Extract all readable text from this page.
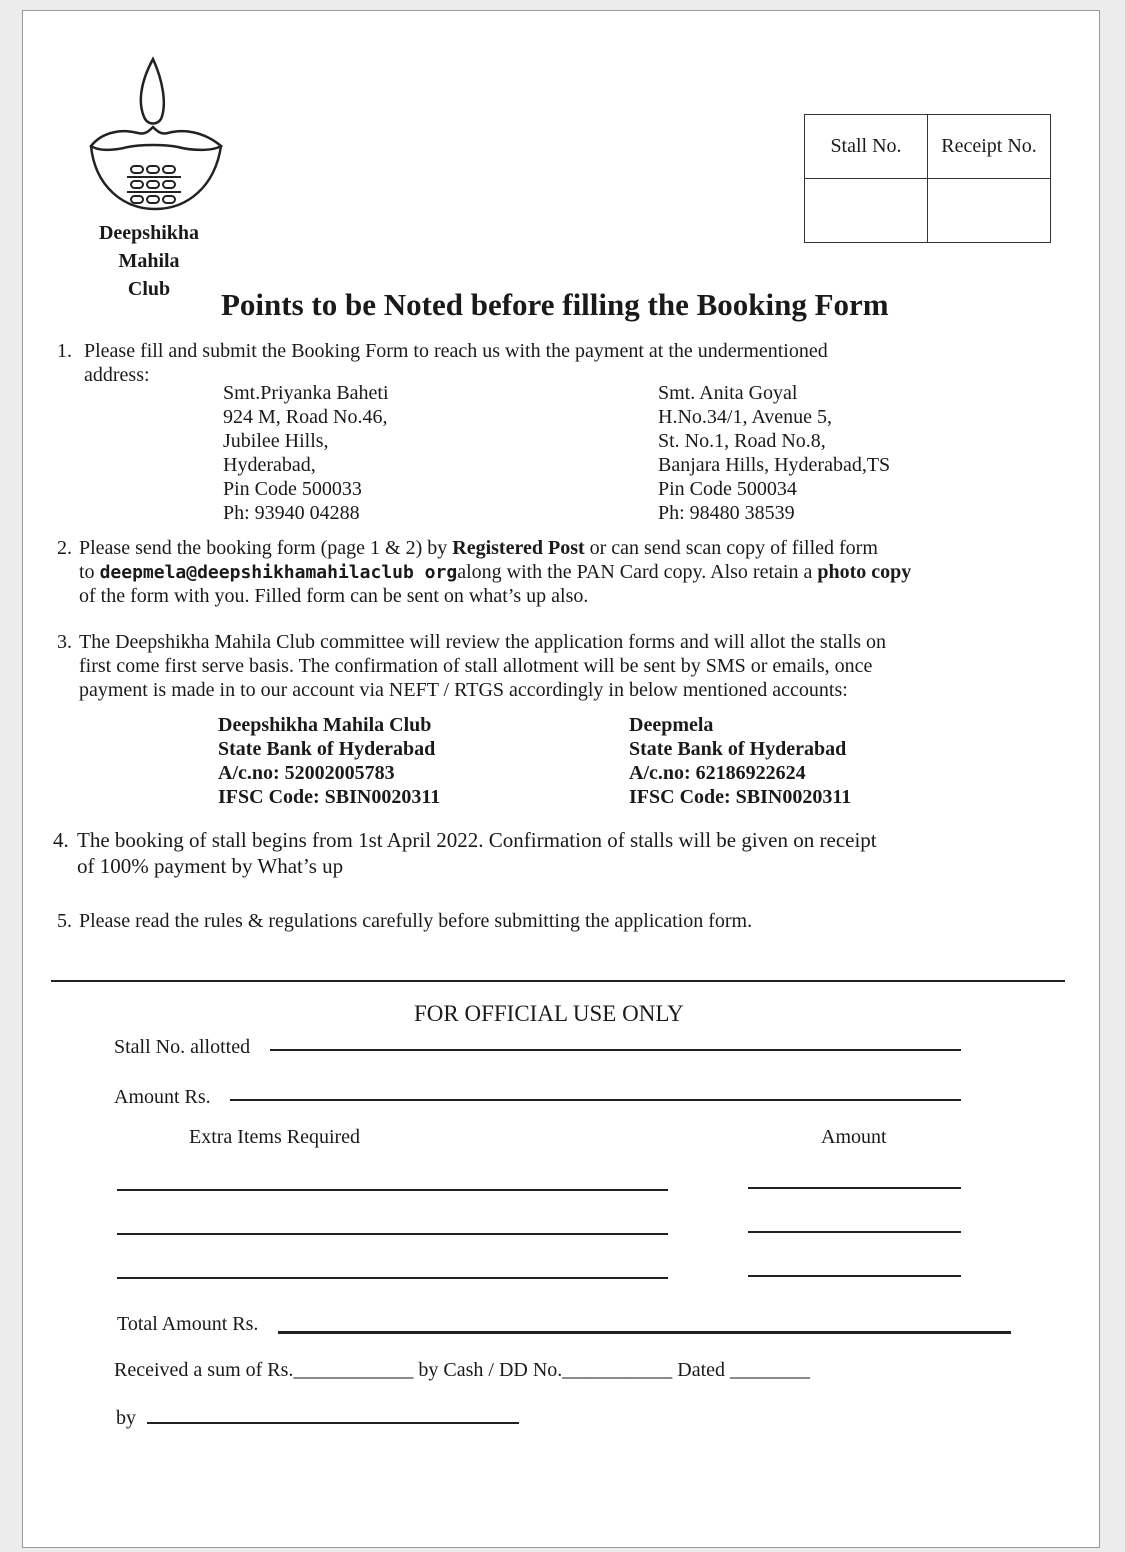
Deepshikha
Mahila
Club
Stall No.	Receipt No.

Points to be Noted before filling the Booking Form
1. Please fill and submit the Booking Form to reach us with the payment at the undermentioned
address:
Smt.Priyanka Baheti
924 M, Road No.46,
Jubilee Hills,
Hyderabad,
Pin Code 500033
Ph: 93940 04288
Smt. Anita Goyal
H.No.34/1, Avenue 5,
St. No.1, Road No.8,
Banjara Hills, Hyderabad,TS
Pin Code 500034
Ph: 98480 38539
2. Please send the booking form (page 1 & 2) by Registered Post or can send scan copy of filled form
to deepmela@deepshikhamahilaclub orgalong with the PAN Card copy. Also retain a photo copy
of the form with you. Filled form can be sent on what’s up also.
3. The Deepshikha Mahila Club committee will review the application forms and will allot the stalls on
first come first serve basis. The confirmation of stall allotment will be sent by SMS or emails, once
payment is made in to our account via NEFT / RTGS accordingly in below mentioned accounts:
Deepshikha Mahila Club
State Bank of Hyderabad
A/c.no: 52002005783
IFSC Code: SBIN0020311
Deepmela
State Bank of Hyderabad
A/c.no: 62186922624
IFSC Code: SBIN0020311
4. The booking of stall begins from 1st April 2022. Confirmation of stalls will be given on receipt
of 100% payment by What’s up
5. Please read the rules & regulations carefully before submitting the application form.
FOR OFFICIAL USE ONLY
Stall No. allotted
Amount Rs.
Extra Items Required	Amount
Total Amount Rs.
Received a sum of Rs.____________ by Cash / DD No.___________ Dated ________
by
